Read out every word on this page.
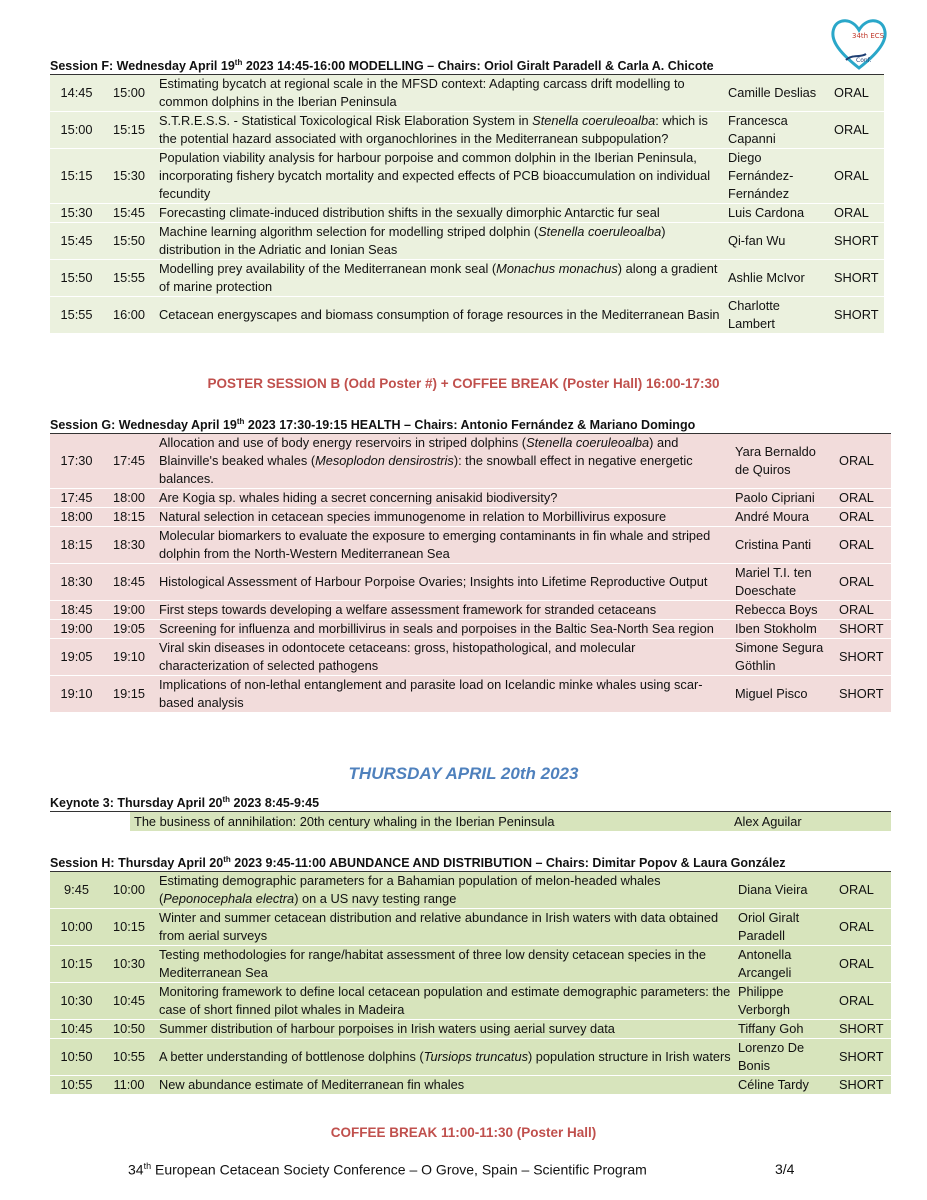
34th ECS
Conf.
Session F: Wednesday April 19th 2023 14:45-16:00 MODELLING – Chairs: Oriol Giralt Paradell & Carla A. Chicote
14:45	15:00	Estimating bycatch at regional scale in the MFSD context: Adapting carcass drift modelling to common dolphins in the Iberian Peninsula	Camille Deslias	ORAL
15:00	15:15	S.T.R.E.S.S. - Statistical Toxicological Risk Elaboration System in Stenella coeruleoalba: which is the potential hazard associated with organochlorines in the Mediterranean subpopulation?	Francesca Capanni	ORAL
15:15	15:30	Population viability analysis for harbour porpoise and common dolphin in the Iberian Peninsula, incorporating fishery bycatch mortality and expected effects of PCB bioaccumulation on individual fecundity	Diego Fernández-Fernández	ORAL
15:30	15:45	Forecasting climate-induced distribution shifts in the sexually dimorphic Antarctic fur seal	Luis Cardona	ORAL
15:45	15:50	Machine learning algorithm selection for modelling striped dolphin (Stenella coeruleoalba) distribution in the Adriatic and Ionian Seas	Qi-fan Wu	SHORT
15:50	15:55	Modelling prey availability of the Mediterranean monk seal (Monachus monachus) along a gradient of marine protection	Ashlie McIvor	SHORT
15:55	16:00	Cetacean energyscapes and biomass consumption of forage resources in the Mediterranean Basin	Charlotte Lambert	SHORT
POSTER SESSION B (Odd Poster #) + COFFEE BREAK (Poster Hall) 16:00-17:30
Session G: Wednesday April 19th 2023 17:30-19:15 HEALTH – Chairs: Antonio Fernández & Mariano Domingo
17:30	17:45	Allocation and use of body energy reservoirs in striped dolphins (Stenella coeruleoalba) and Blainville's beaked whales (Mesoplodon densirostris): the snowball effect in negative energetic balances.	Yara Bernaldo de Quiros	ORAL
17:45	18:00	Are Kogia sp. whales hiding a secret concerning anisakid biodiversity?	Paolo Cipriani	ORAL
18:00	18:15	Natural selection in cetacean species immunogenome in relation to Morbillivirus exposure	André Moura	ORAL
18:15	18:30	Molecular biomarkers to evaluate the exposure to emerging contaminants in fin whale and striped dolphin from the North-Western Mediterranean Sea	Cristina Panti	ORAL
18:30	18:45	Histological Assessment of Harbour Porpoise Ovaries; Insights into Lifetime Reproductive Output	Mariel T.I. ten Doeschate	ORAL
18:45	19:00	First steps towards developing a welfare assessment framework for stranded cetaceans	Rebecca Boys	ORAL
19:00	19:05	Screening for influenza and morbillivirus in seals and porpoises in the Baltic Sea-North Sea region	Iben Stokholm	SHORT
19:05	19:10	Viral skin diseases in odontocete cetaceans: gross, histopathological, and molecular characterization of selected pathogens	Simone Segura Göthlin	SHORT
19:10	19:15	Implications of non-lethal entanglement and parasite load on Icelandic minke whales using scar-based analysis	Miguel Pisco	SHORT
THURSDAY APRIL 20th 2023
Keynote 3: Thursday April 20th 2023 8:45-9:45
	The business of annihilation: 20th century whaling in the Iberian Peninsula	Alex Aguilar
Session H: Thursday April 20th 2023 9:45-11:00 ABUNDANCE AND DISTRIBUTION – Chairs: Dimitar Popov & Laura González
9:45	10:00	Estimating demographic parameters for a Bahamian population of melon-headed whales (Peponocephala electra) on a US navy testing range	Diana Vieira	ORAL
10:00	10:15	Winter and summer cetacean distribution and relative abundance in Irish waters with data obtained from aerial surveys	Oriol Giralt Paradell	ORAL
10:15	10:30	Testing methodologies for range/habitat assessment of three low density cetacean species in the Mediterranean Sea	Antonella Arcangeli	ORAL
10:30	10:45	Monitoring framework to define local cetacean population and estimate demographic parameters: the case of short finned pilot whales in Madeira	Philippe Verborgh	ORAL
10:45	10:50	Summer distribution of harbour porpoises in Irish waters using aerial survey data	Tiffany Goh	SHORT
10:50	10:55	A better understanding of bottlenose dolphins (Tursiops truncatus) population structure in Irish waters	Lorenzo De Bonis	SHORT
10:55	11:00	New abundance estimate of Mediterranean fin whales	Céline Tardy	SHORT
COFFEE BREAK 11:00-11:30 (Poster Hall)
34th European Cetacean Society Conference – O Grove, Spain – Scientific Program	3/4
